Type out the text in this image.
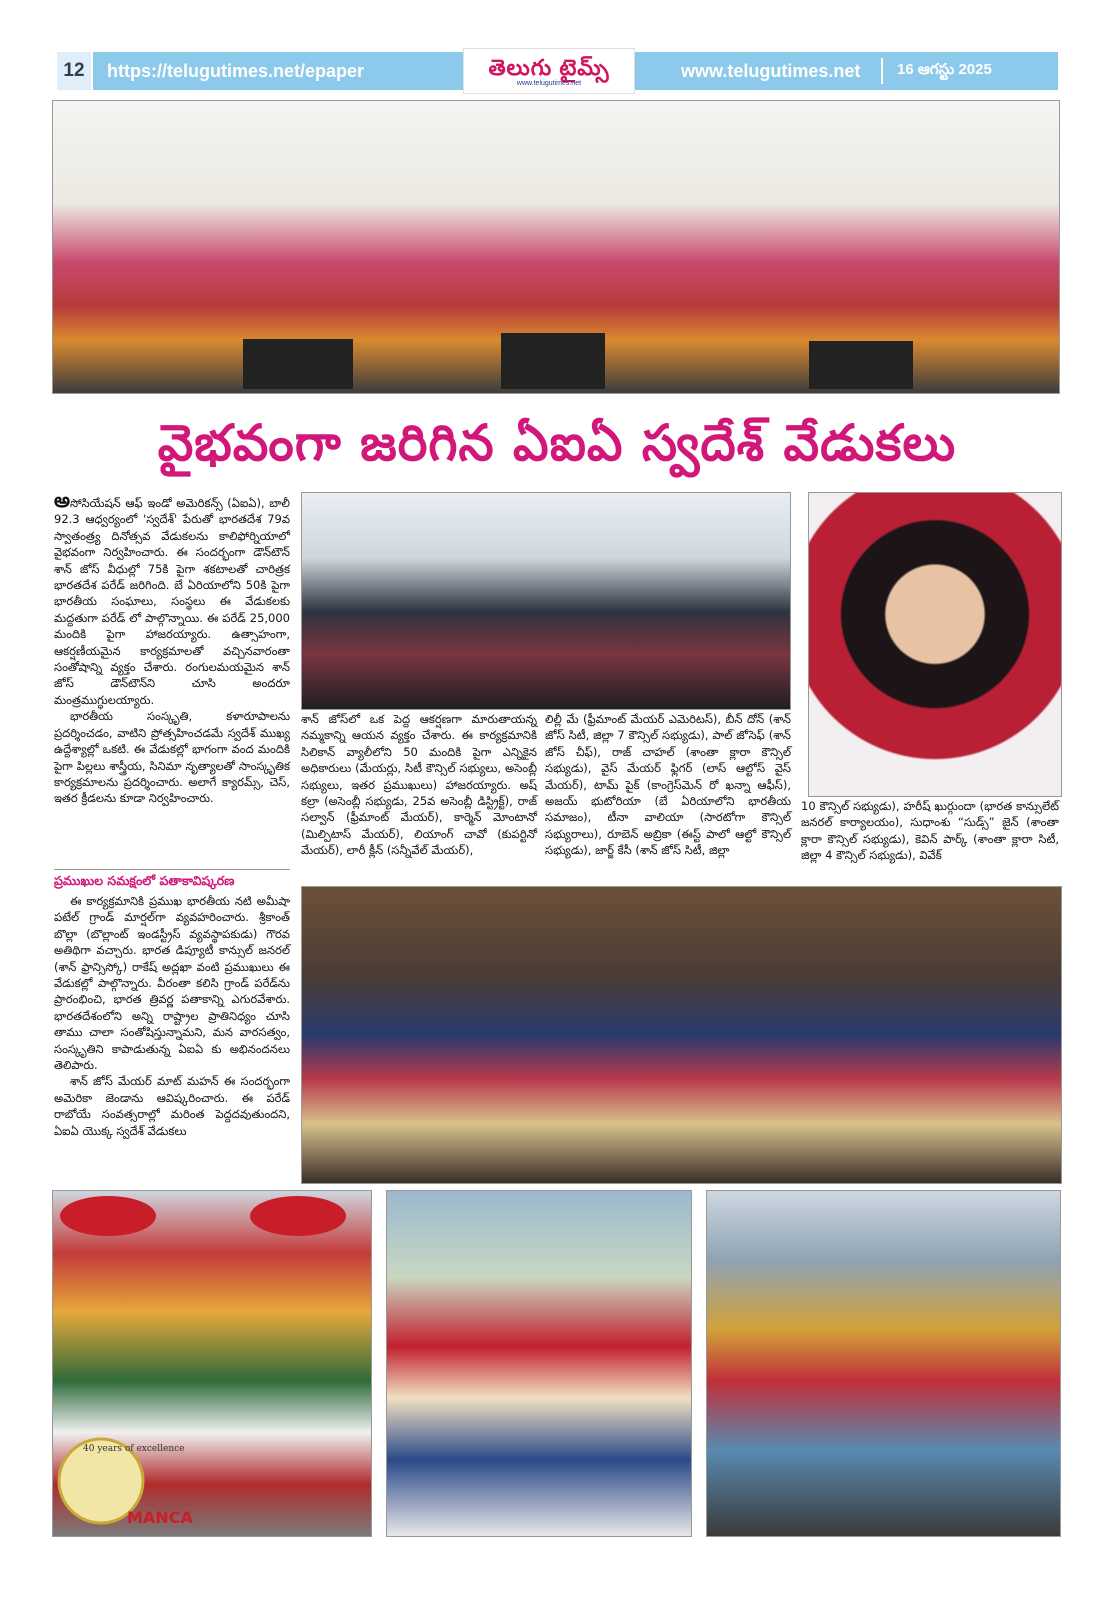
12	https://telugutimes.net/epaper	తెలుగు టైమ్స్
www.telugutimes.net
www.telugutimes.net	16 ఆగస్టు 2025
వైభవంగా జరిగిన ఏఐఏ స్వదేశ్ వేడుకలు

అసోసియేషన్ ఆఫ్ ఇండో అమెరికన్స్ (ఏఐఏ), బాలీ 92.3 ఆధ్వర్యంలో 'స్వదేశ్' పేరుతో భారతదేశ 79వ స్వాతంత్ర్య దినోత్సవ వేడుకలను కాలిఫోర్నియాలో వైభవంగా నిర్వహించారు. ఈ సందర్భంగా డౌన్‌టౌన్ శాన్ జోస్ వీధుల్లో 75కి పైగా శకటాలతో చారిత్రక భారతదేశ పరేడ్ జరిగింది. బే ఏరియాలోని 50కి పైగా భారతీయ సంఘాలు, సంస్థలు ఈ వేడుకలకు మద్దతుగా పరేడ్ లో పాల్గొన్నాయి. ఈ పరేడ్ 25,000 మందికి పైగా హాజరయ్యారు. ఉత్సాహంగా, ఆకర్షణీయమైన కార్యక్రమాలతో వచ్చినవారంతా సంతోషాన్ని వ్యక్తం చేశారు. రంగులమయమైన శాన్ జోస్ డౌన్‌టౌన్‌ని చూసి అందరూ మంత్రముగ్ధులయ్యారు.

భారతీయ సంస్కృతి, కళారూపాలను ప్రదర్శించడం, వాటిని ప్రోత్సహించడమే స్వదేశ్ ముఖ్య ఉద్దేశ్యాల్లో ఒకటి. ఈ వేడుకల్లో భాగంగా వంద మందికి పైగా పిల్లలు శాస్త్రీయ, సినిమా నృత్యాలతో సాంస్కృతిక కార్యక్రమాలను ప్రదర్శించారు. అలాగే క్యారమ్స్, చెస్, ఇతర క్రీడలను కూడా నిర్వహించారు.

శాన్ జోస్‌లో ఒక పెద్ద ఆకర్షణగా మారుతాయన్న నమ్మకాన్ని ఆయన వ్యక్తం చేశారు. ఈ కార్యక్రమానికి సిలికాన్ వ్యాలీలోని 50 మందికి పైగా ఎన్నికైన అధికారులు (మేయర్లు, సిటీ కౌన్సిల్ సభ్యులు, అసెంబ్లీ సభ్యులు, ఇతర ప్రముఖులు) హాజరయ్యారు. అష్ కల్రా (అసెంబ్లీ సభ్యుడు, 25వ అసెంబ్లీ డిస్ట్రిక్ట్), రాజ్ సల్వాన్ (ఫ్రీమాంట్ మేయర్), కార్మెన్ మోంటానో (మిల్పిటాస్ మేయర్), లియాంగ్ చావో (కుపర్టినో మేయర్), లారీ క్లీన్ (సన్నీవేల్ మేయర్),
లిల్లీ మే (ఫ్రీమాంట్ మేయర్ ఎమెరిటస్), బీన్ దోన్ (శాన్ జోస్ సిటీ, జిల్లా 7 కౌన్సిల్ సభ్యుడు), పాల్ జోసెఫ్ (శాన్ జోస్ చీఫ్), రాజ్ చాహల్ (శాంతా క్లారా కౌన్సిల్ సభ్యుడు), వైస్ మేయర్ ఫ్లిగర్ (లాస్ ఆల్టోస్ వైస్ మేయర్), టామ్ పైక్ (కాంగ్రెస్‌మెన్ రో ఖన్నా ఆఫీస్), అజయ్ భుటోరియా (బే ఏరియాలోని భారతీయ సమాజం), టీనా వాలియా (సారటోగా కౌన్సిల్ సభ్యురాలు), రూబెన్ అబ్రికా (ఈస్ట్ పాలో ఆల్టో కౌన్సిల్ సభ్యుడు), జార్జ్ కేసీ (శాన్ జోస్ సిటీ, జిల్లా
10 కౌన్సిల్ సభ్యుడు), హరీష్ ఖుర్గుందా (భారత కాన్సులేట్ జనరల్ కార్యాలయం), సుధాంశు “సుడ్స్” జైన్ (శాంతా క్లారా కౌన్సిల్ సభ్యుడు), కెవిన్ పార్క్ (శాంతా క్లారా సిటీ, జిల్లా 4 కౌన్సిల్ సభ్యుడు), వివేక్
ప్రముఖుల సమక్షంలో పతాకావిష్కరణ

ఈ కార్యక్రమానికి ప్రముఖ భారతీయ నటి అమీషా పటేల్ గ్రాండ్ మార్షల్‌గా వ్యవహరించారు. శ్రీకాంత్ బొల్లా (బొల్లాంట్ ఇండస్ట్రీస్ వ్యవస్థాపకుడు) గౌరవ అతిథిగా వచ్చారు. భారత డిప్యూటీ కాన్సుల్ జనరల్ (శాన్ ఫ్రాన్సిస్కో) రాకేష్ అద్లఖా వంటి ప్రముఖులు ఈ వేడుకల్లో పాల్గొన్నారు. వీరంతా కలిసి గ్రాండ్ పరేడ్‌ను ప్రారంభించి, భారత త్రివర్ణ పతాకాన్ని ఎగురవేశారు. భారతదేశంలోని అన్ని రాష్ట్రాల ప్రాతినిధ్యం చూసి తాము చాలా సంతోషిస్తున్నామని, మన వారసత్వం, సంస్కృతిని కాపాడుతున్న ఏఐఏ కు అభినందనలు తెలిపారు.

శాన్ జోస్ మేయర్ మాట్ మహన్ ఈ సందర్భంగా అమెరికా జెండాను ఆవిష్కరించారు. ఈ పరేడ్ రాబోయే సంవత్సరాల్లో మరింత పెద్దదవుతుందని, ఏఐఏ యొక్క స్వదేశ్ వేడుకలు

40 years of excellence
MANCA
